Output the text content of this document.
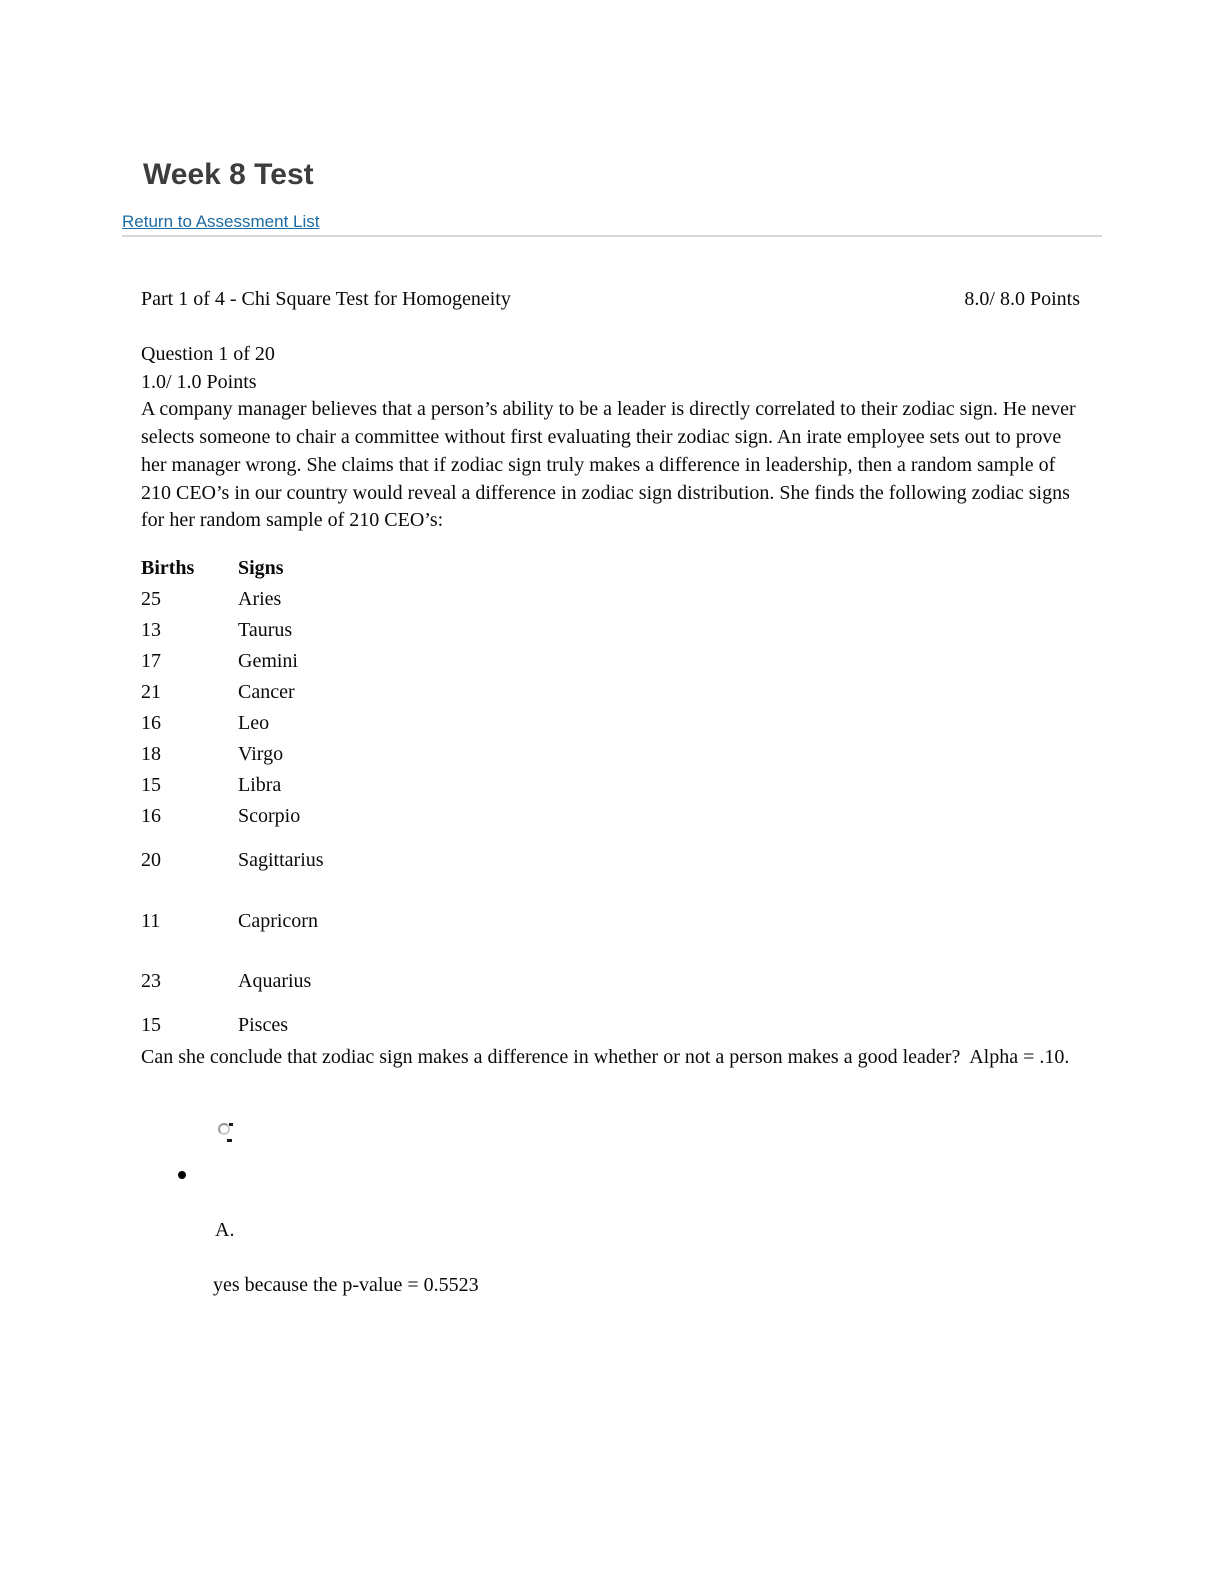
Week 8 Test
Return to Assessment List
Part 1 of 4 - Chi Square Test for Homogeneity	8.0/ 8.0 Points
Question 1 of 20
1.0/ 1.0 Points
A company manager believes that a person’s ability to be a leader is directly correlated to their zodiac sign. He never selects someone to chair a committee without first evaluating their zodiac sign. An irate employee sets out to prove her manager wrong. She claims that if zodiac sign truly makes a difference in leadership, then a random sample of 210 CEO’s in our country would reveal a difference in zodiac sign distribution. She finds the following zodiac signs for her random sample of 210 CEO’s:
Births	Signs
25	Aries
13	Taurus
17	Gemini
21	Cancer
16	Leo
18	Virgo
15	Libra
16	Scorpio
20	Sagittarius
11	Capricorn
23	Aquarius
15	Pisces
Can she conclude that zodiac sign makes a difference in whether or not a person makes a good leader?  Alpha = .10.
A.
yes because the p-value = 0.5523
